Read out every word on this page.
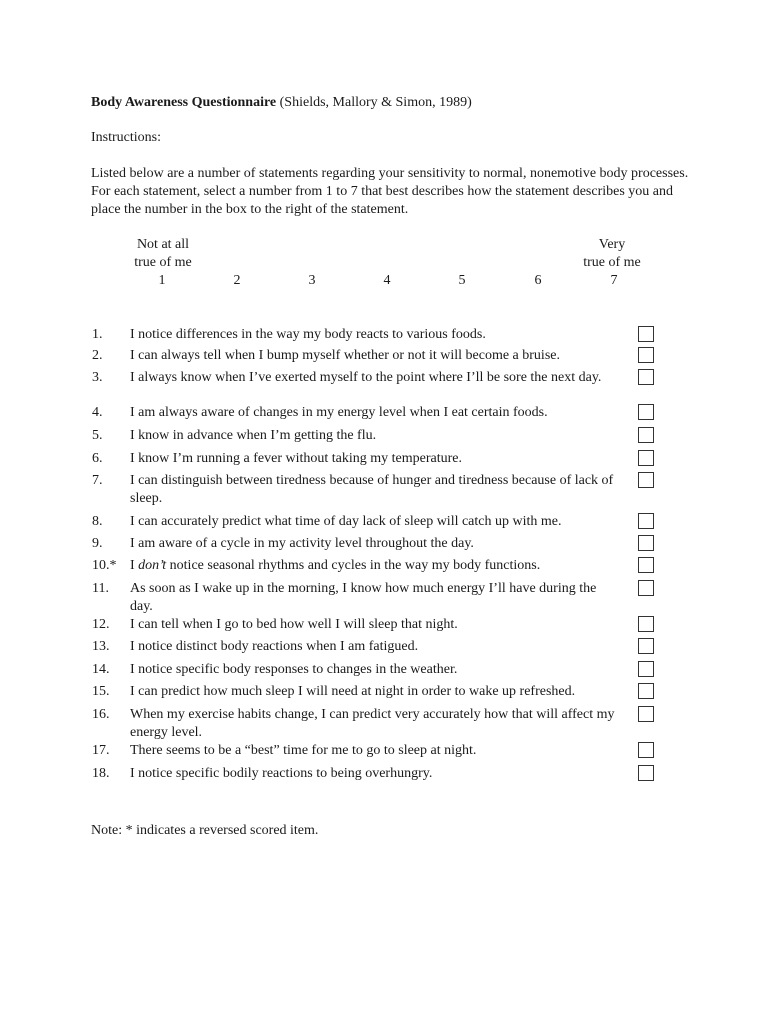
Body Awareness Questionnaire (Shields, Mallory & Simon, 1989)
Instructions:
Listed below are a number of statements regarding your sensitivity to normal, nonemotive body processes. For each statement, select a number from 1 to 7 that best describes how the statement describes you and place the number in the box to the right of the statement.
Not at all
true of me
Very
true of me
1	2	3	4	5	6	7
1. I notice differences in the way my body reacts to various foods.
2. I can always tell when I bump myself whether or not it will become a bruise.
3. I always know when I’ve exerted myself to the point where I’ll be sore the next day.
4. I am always aware of changes in my energy level when I eat certain foods.
5. I know in advance when I’m getting the flu.
6. I know I’m running a fever without taking my temperature.
7. I can distinguish between tiredness because of hunger and tiredness because of lack of sleep.
8. I can accurately predict what time of day lack of sleep will catch up with me.
9. I am aware of a cycle in my activity level throughout the day.
10.* I don’t notice seasonal rhythms and cycles in the way my body functions.
11. As soon as I wake up in the morning, I know how much energy I’ll have during the day.
12. I can tell when I go to bed how well I will sleep that night.
13. I notice distinct body reactions when I am fatigued.
14. I notice specific body responses to changes in the weather.
15. I can predict how much sleep I will need at night in order to wake up refreshed.
16. When my exercise habits change, I can predict very accurately how that will affect my energy level.
17. There seems to be a “best” time for me to go to sleep at night.
18. I notice specific bodily reactions to being overhungry.
Note: * indicates a reversed scored item.
